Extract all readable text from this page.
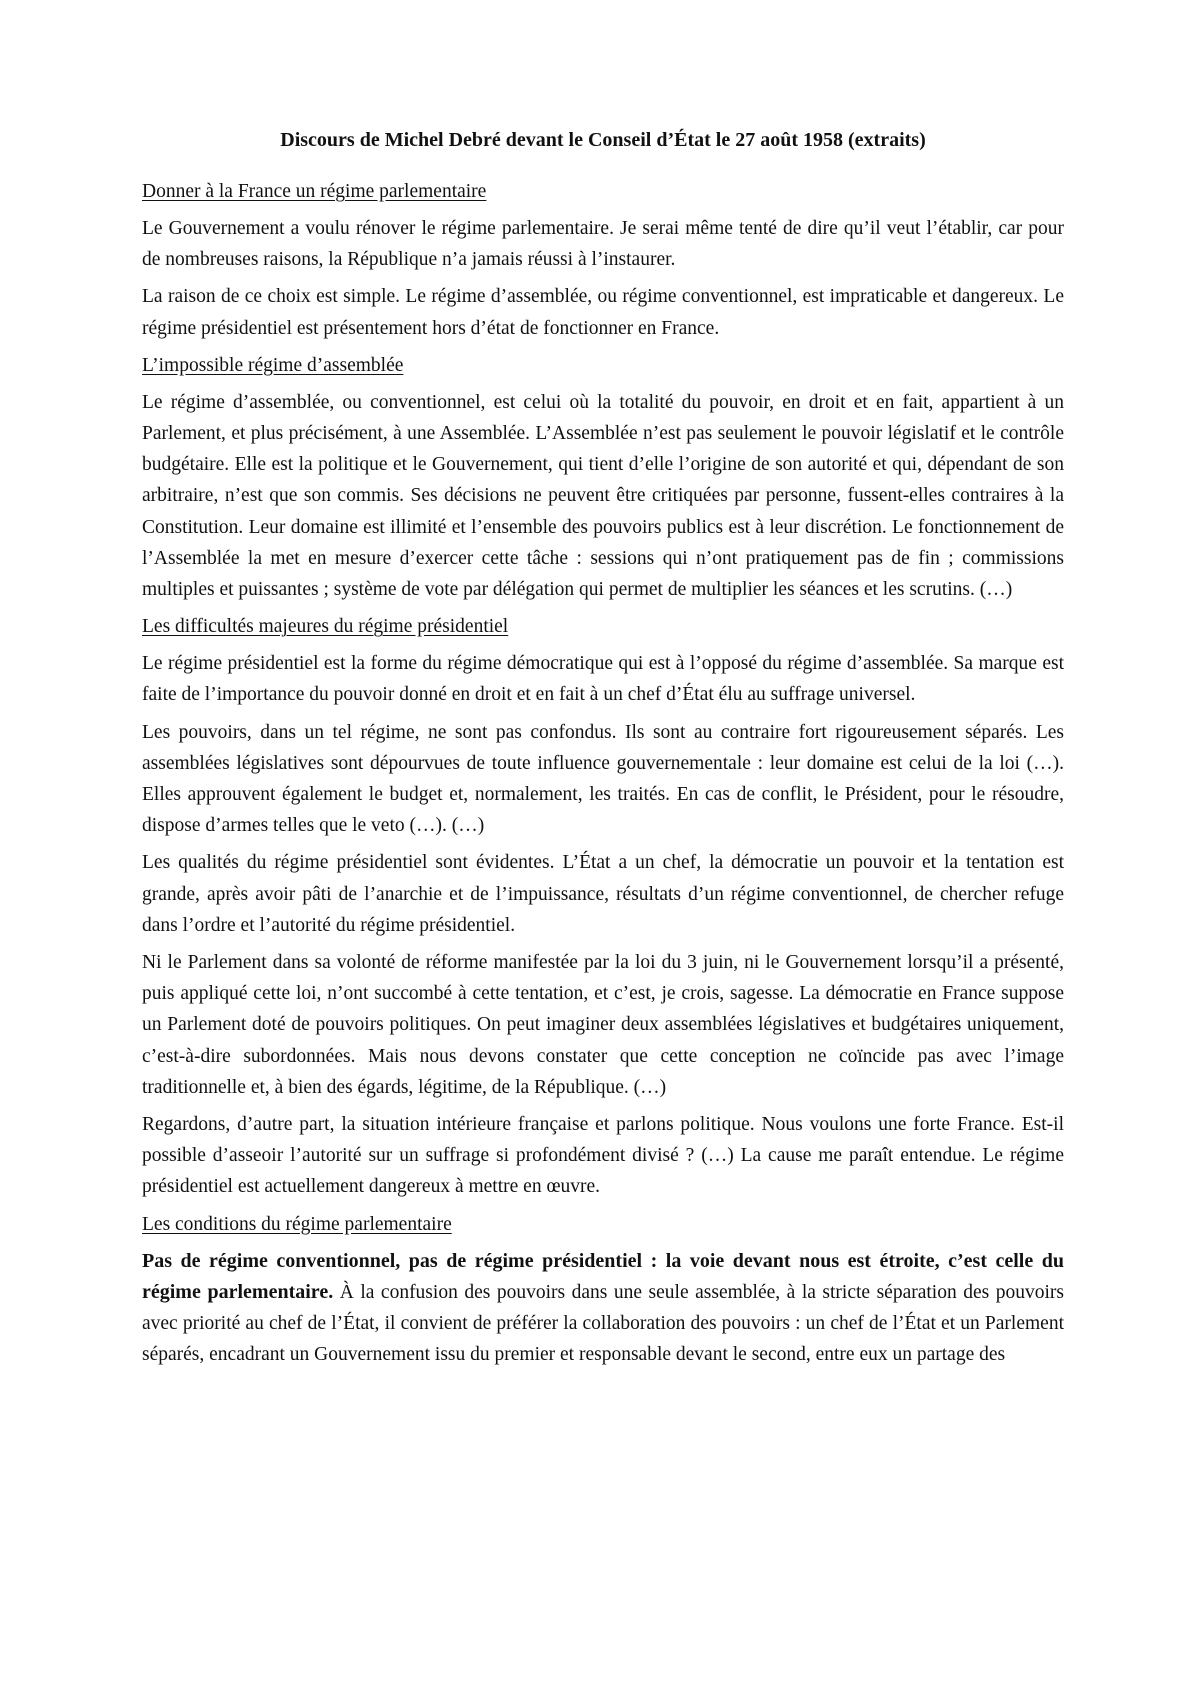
Discours de Michel Debré devant le Conseil d’État le 27 août 1958 (extraits)
Donner à la France un régime parlementaire
Le Gouvernement a voulu rénover le régime parlementaire. Je serai même tenté de dire qu’il veut l’établir, car pour de nombreuses raisons, la République n’a jamais réussi à l’instaurer.
La raison de ce choix est simple. Le régime d’assemblée, ou régime conventionnel, est impraticable et dangereux. Le régime présidentiel est présentement hors d’état de fonctionner en France.
L’impossible régime d’assemblée
Le régime d’assemblée, ou conventionnel, est celui où la totalité du pouvoir, en droit et en fait, appartient à un Parlement, et plus précisément, à une Assemblée. L’Assemblée n’est pas seulement le pouvoir législatif et le contrôle budgétaire. Elle est la politique et le Gouvernement, qui tient d’elle l’origine de son autorité et qui, dépendant de son arbitraire, n’est que son commis. Ses décisions ne peuvent être critiquées par personne, fussent-elles contraires à la Constitution. Leur domaine est illimité et l’ensemble des pouvoirs publics est à leur discrétion. Le fonctionnement de l’Assemblée la met en mesure d’exercer cette tâche : sessions qui n’ont pratiquement pas de fin ; commissions multiples et puissantes ; système de vote par délégation qui permet de multiplier les séances et les scrutins. (…)
Les difficultés majeures du régime présidentiel
Le régime présidentiel est la forme du régime démocratique qui est à l’opposé du régime d’assemblée. Sa marque est faite de l’importance du pouvoir donné en droit et en fait à un chef d’État élu au suffrage universel.
Les pouvoirs, dans un tel régime, ne sont pas confondus. Ils sont au contraire fort rigoureusement séparés. Les assemblées législatives sont dépourvues de toute influence gouvernementale : leur domaine est celui de la loi (…). Elles approuvent également le budget et, normalement, les traités. En cas de conflit, le Président, pour le résoudre, dispose d’armes telles que le veto (…). (…)
Les qualités du régime présidentiel sont évidentes. L’État a un chef, la démocratie un pouvoir et la tentation est grande, après avoir pâti de l’anarchie et de l’impuissance, résultats d’un régime conventionnel, de chercher refuge dans l’ordre et l’autorité du régime présidentiel.
Ni le Parlement dans sa volonté de réforme manifestée par la loi du 3 juin, ni le Gouvernement lorsqu’il a présenté, puis appliqué cette loi, n’ont succombé à cette tentation, et c’est, je crois, sagesse. La démocratie en France suppose un Parlement doté de pouvoirs politiques. On peut imaginer deux assemblées législatives et budgétaires uniquement, c’est-à-dire subordonnées. Mais nous devons constater que cette conception ne coïncide pas avec l’image traditionnelle et, à bien des égards, légitime, de la République. (…)
Regardons, d’autre part, la situation intérieure française et parlons politique. Nous voulons une forte France. Est-il possible d’asseoir l’autorité sur un suffrage si profondément divisé ? (…) La cause me paraît entendue. Le régime présidentiel est actuellement dangereux à mettre en œuvre.
Les conditions du régime parlementaire
Pas de régime conventionnel, pas de régime présidentiel : la voie devant nous est étroite, c’est celle du régime parlementaire. À la confusion des pouvoirs dans une seule assemblée, à la stricte séparation des pouvoirs avec priorité au chef de l’État, il convient de préférer la collaboration des pouvoirs : un chef de l’État et un Parlement séparés, encadrant un Gouvernement issu du premier et responsable devant le second, entre eux un partage des
